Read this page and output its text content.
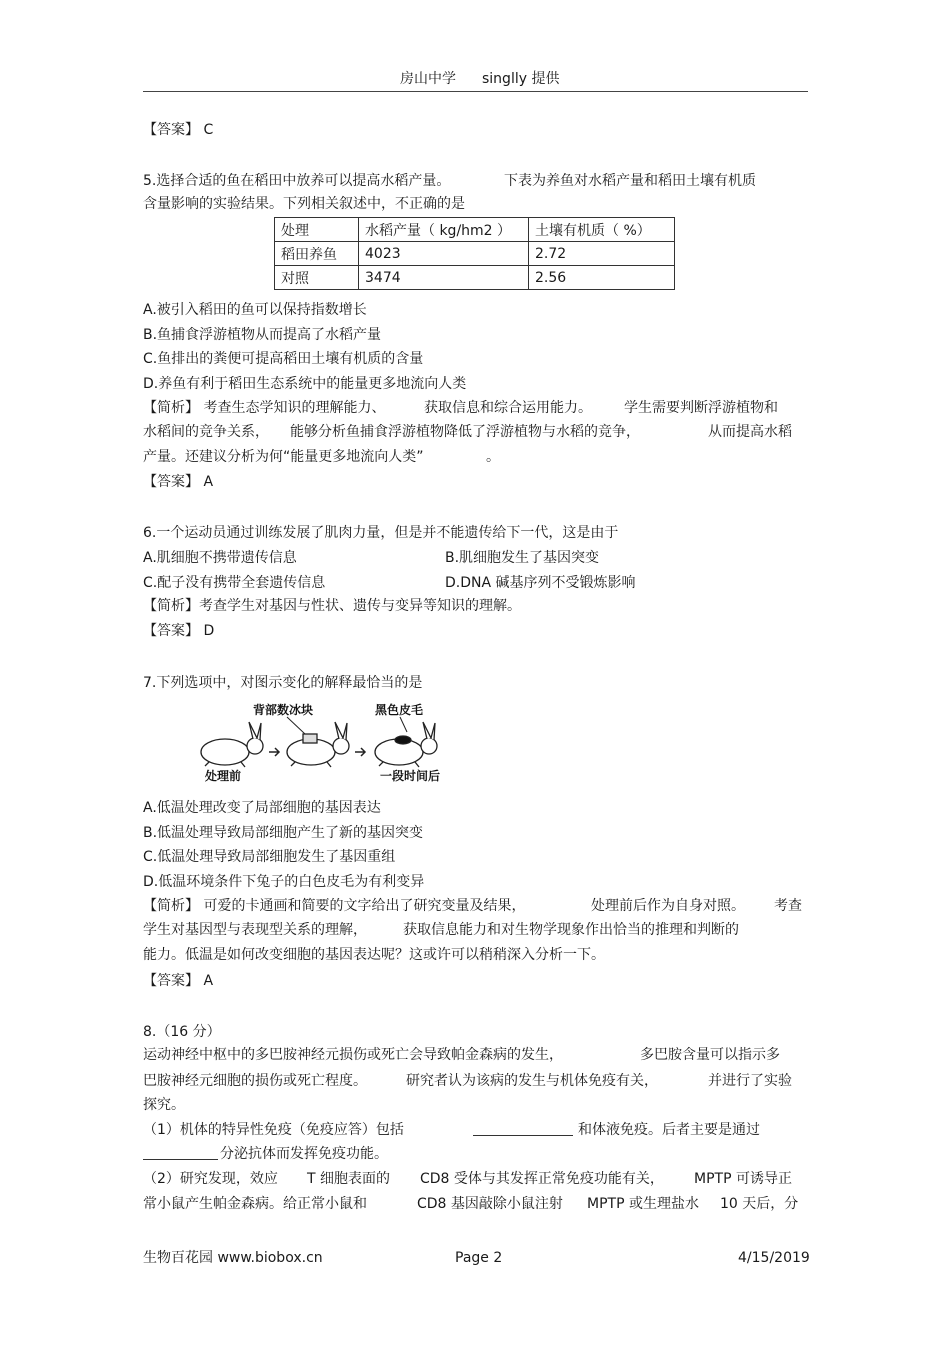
房山中学 singlly 提供
【答案】 C
5.选择合适的鱼在稻田中放养可以提高水稻产量。	下表为养鱼对水稻产量和稻田土壤有机质
含量影响的实验结果。下列相关叙述中，不正确的是
处理	水稻产量（ kg/hm2 ）	土壤有机质（ %）
稻田养鱼	4023	2.72
对照	3474	2.56
A.被引入稻田的鱼可以保持指数增长
B.鱼捕食浮游植物从而提高了水稻产量
C.鱼排出的粪便可提高稻田土壤有机质的含量
D.养鱼有利于稻田生态系统中的能量更多地流向人类
【简析】 考查生态学知识的理解能力、	获取信息和综合运用能力。 学生需要判断浮游植物和
水稻间的竞争关系， 能够分析鱼捕食浮游植物降低了浮游植物与水稻的竞争，	从而提高水稻
产量。还建议分析为何“能量更多地流向人类”	。
【答案】 A
6.一个运动员通过训练发展了肌肉力量，但是并不能遗传给下一代，这是由于
A.肌细胞不携带遗传信息	B.肌细胞发生了基因突变
C.配子没有携带全套遗传信息	D.DNA 碱基序列不受锻炼影响
【简析】考查学生对基因与性状、遗传与变异等知识的理解。
【答案】 D
7.下列选项中，对图示变化的解释最恰当的是
背部数冰块	黑色皮毛
处理前	一段时间后
A.低温处理改变了局部细胞的基因表达
B.低温处理导致局部细胞产生了新的基因突变
C.低温处理导致局部细胞发生了基因重组
D.低温环境条件下兔子的白色皮毛为有利变异
【简析】 可爱的卡通画和简要的文字给出了研究变量及结果，	处理前后作为自身对照。 考查
学生对基因型与表现型关系的理解，	获取信息能力和对生物学现象作出恰当的推理和判断的
能力。低温是如何改变细胞的基因表达呢？这或许可以稍稍深入分析一下。
【答案】 A
8.（16 分）
运动神经中枢中的多巴胺神经元损伤或死亡会导致帕金森病的发生，	多巴胺含量可以指示多
巴胺神经元细胞的损伤或死亡程度。	研究者认为该病的发生与机体免疫有关，	并进行了实验
探究。
（1）机体的特异性免疫（免疫应答）包括	和体液免疫。后者主要是通过
分泌抗体而发挥免疫功能。
（2）研究发现，效应 T 细胞表面的 CD8 受体与其发挥正常免疫功能有关， MPTP 可诱导正
常小鼠产生帕金森病。给正常小鼠和	CD8 基因敲除小鼠注射 MPTP 或生理盐水 10 天后，分
生物百花园 www.biobox.cn	Page 2	4/15/2019
